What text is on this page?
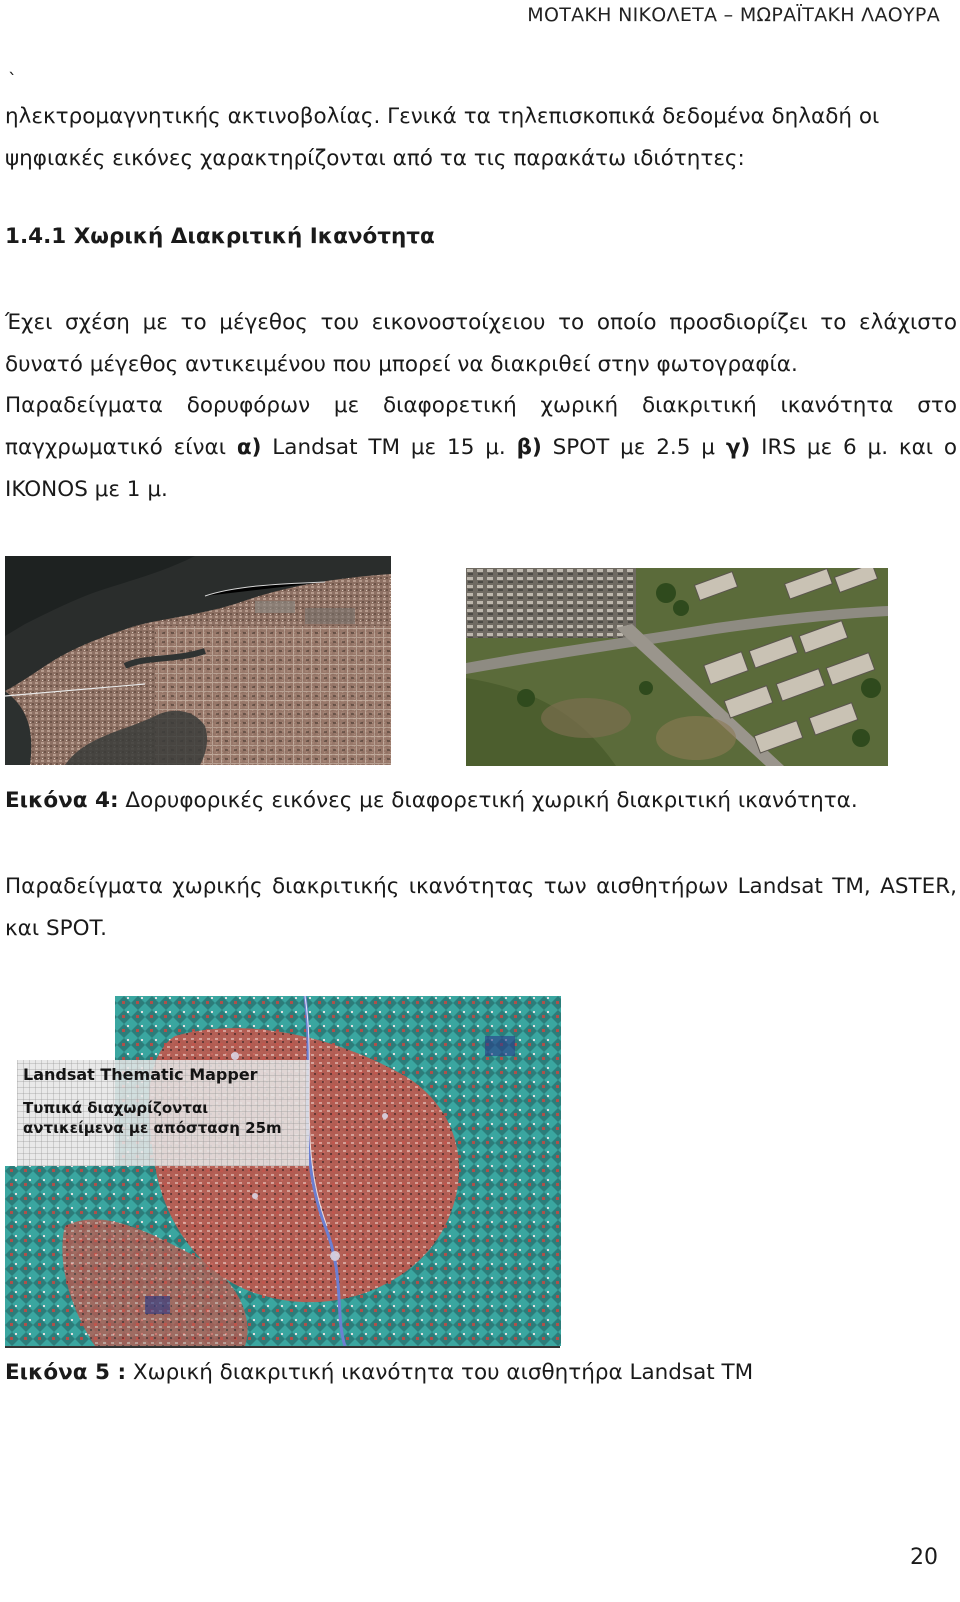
ΜΟΤΑΚΗ ΝΙΚΟΛΕΤΑ – ΜΩΡΑΪΤΑΚΗ ΛΑΟΥΡΑ
`

ηλεκτρομαγνητικής ακτινοβολίας. Γενικά τα τηλεπισκοπικά δεδομένα δηλαδή οι

ψηφιακές εικόνες χαρακτηρίζονται από τα τις παρακάτω ιδιότητες:

1.4.1 Χωρική Διακριτική Ικανότητα

Έχει σχέση με το μέγεθος του εικονοστοίχειου το οποίο προσδιορίζει το ελάχιστο δυνατό μέγεθος αντικειμένου που μπορεί να διακριθεί στην φωτογραφία.

Παραδείγματα δορυφόρων με διαφορετική χωρική διακριτική ικανότητα στο παγχρωματικό είναι α) Landsat TM με 15 μ. β) SPOT με 2.5 μ γ) IRS με 6 μ. και ο IKONOS με 1 μ.

Εικόνα 4: Δορυφορικές εικόνες με διαφορετική χωρική διακριτική ικανότητα.

Παραδείγματα χωρικής διακριτικής ικανότητας των αισθητήρων Landsat TM, ASTER, και SPOT.

Landsat Thematic Mapper
Τυπικά διαχωρίζονται
αντικείμενα με απόσταση 25m

Εικόνα 5 : Χωρική διακριτική ικανότητα του αισθητήρα Landsat TM

20
